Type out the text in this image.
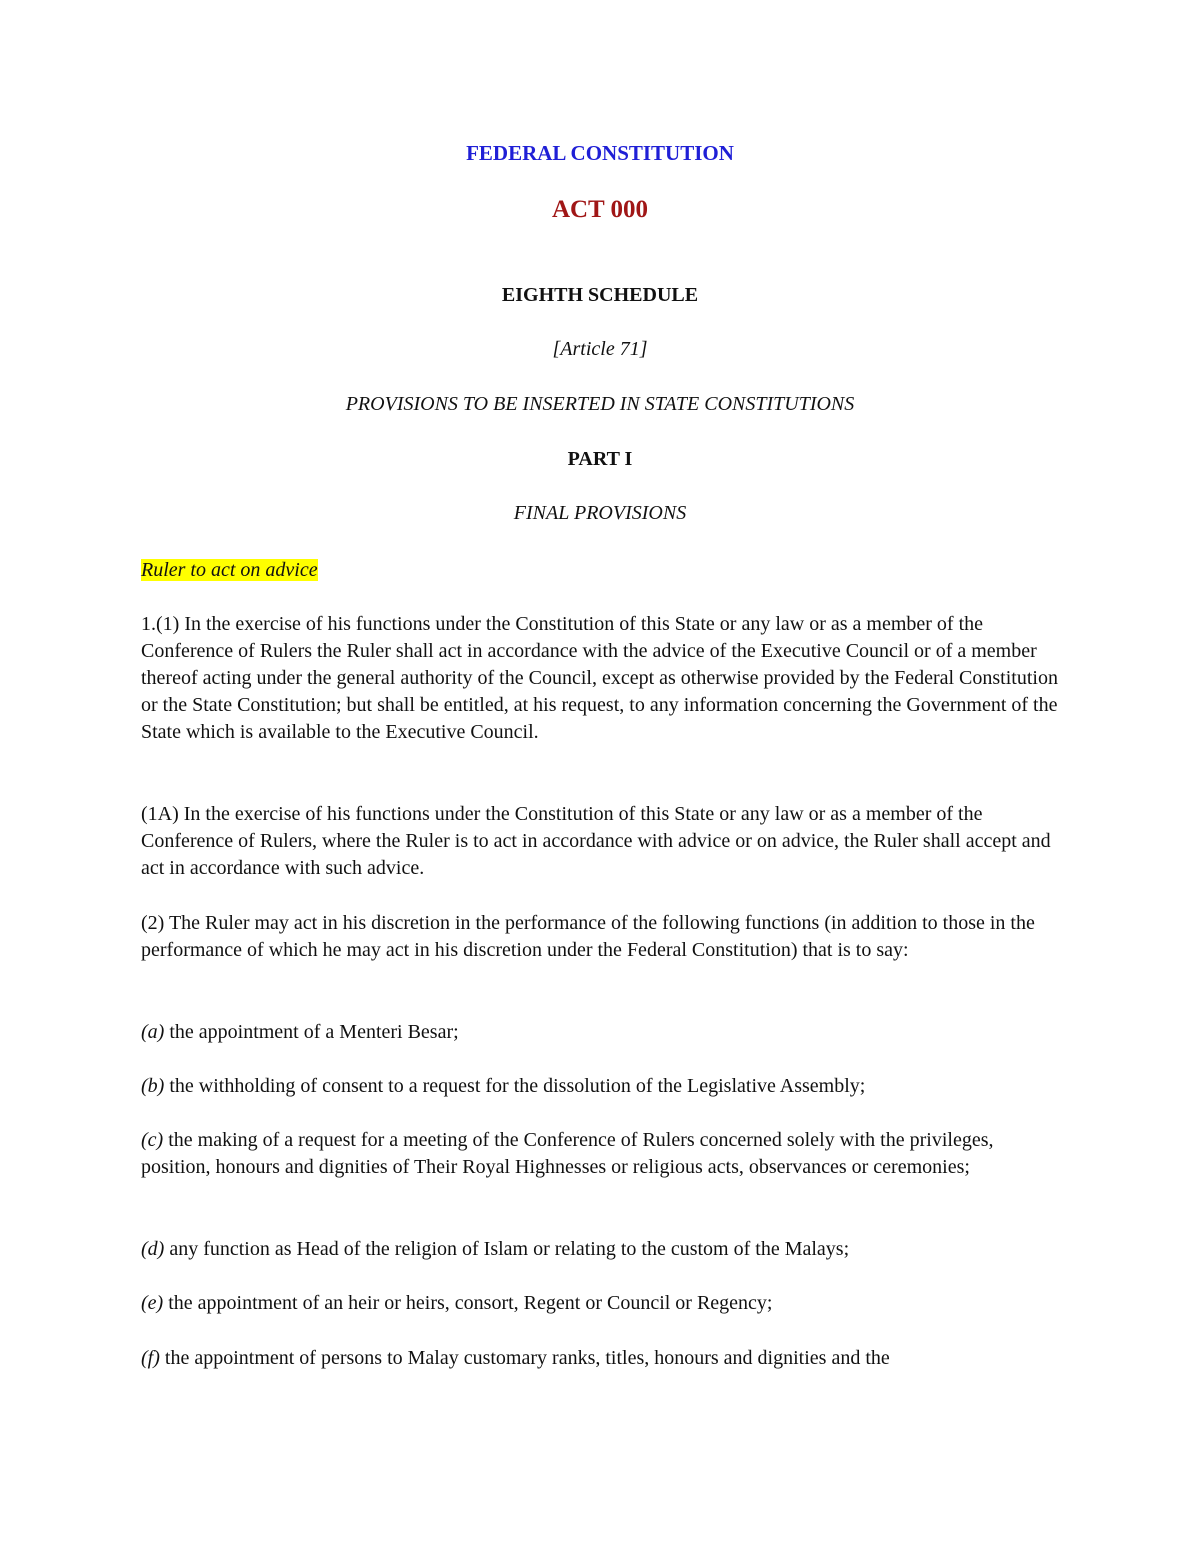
FEDERAL CONSTITUTION

ACT 000

EIGHTH SCHEDULE

[Article 71]

PROVISIONS TO BE INSERTED IN STATE CONSTITUTIONS

PART I

FINAL PROVISIONS

Ruler to act on advice

1.(1) In the exercise of his functions under the Constitution of this State or any law or as a member of the Conference of Rulers the Ruler shall act in accordance with the advice of the Executive Council or of a member thereof acting under the general authority of the Council, except as otherwise provided by the Federal Constitution or the State Constitution; but shall be entitled, at his request, to any information concerning the Government of the State which is available to the Executive Council.

(1A) In the exercise of his functions under the Constitution of this State or any law or as a member of the Conference of Rulers, where the Ruler is to act in accordance with advice or on advice, the Ruler shall accept and act in accordance with such advice.

(2) The Ruler may act in his discretion in the performance of the following functions (in addition to those in the performance of which he may act in his discretion under the Federal Constitution) that is to say:

(a) the appointment of a Menteri Besar;

(b) the withholding of consent to a request for the dissolution of the Legislative Assembly;

(c) the making of a request for a meeting of the Conference of Rulers concerned solely with the privileges, position, honours and dignities of Their Royal Highnesses or religious acts, observances or ceremonies;

(d) any function as Head of the religion of Islam or relating to the custom of the Malays;

(e) the appointment of an heir or heirs, consort, Regent or Council or Regency;

(f) the appointment of persons to Malay customary ranks, titles, honours and dignities and the
